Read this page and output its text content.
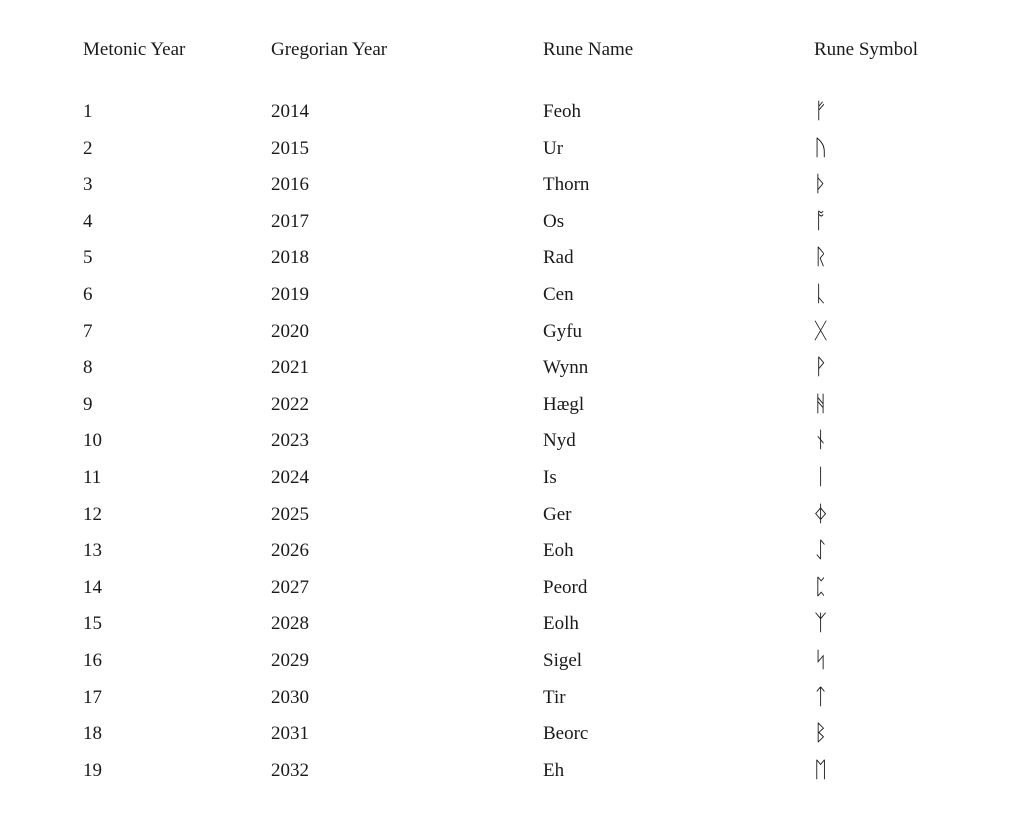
Metonic Year	Gregorian Year	Rune Name	Rune Symbol
1	2014	Feoh	ᚠ
2	2015	Ur	ᚢ
3	2016	Thorn	ᚦ
4	2017	Os	ᚩ
5	2018	Rad	ᚱ
6	2019	Cen	ᚳ
7	2020	Gyfu	ᚷ
8	2021	Wynn	ᚹ
9	2022	Hægl	ᚻ
10	2023	Nyd	ᚾ
11	2024	Is	ᛁ
12	2025	Ger	ᛄ
13	2026	Eoh	ᛇ
14	2027	Peord	ᛈ
15	2028	Eolh	ᛉ
16	2029	Sigel	ᛋ
17	2030	Tir	ᛏ
18	2031	Beorc	ᛒ
19	2032	Eh	ᛖ
